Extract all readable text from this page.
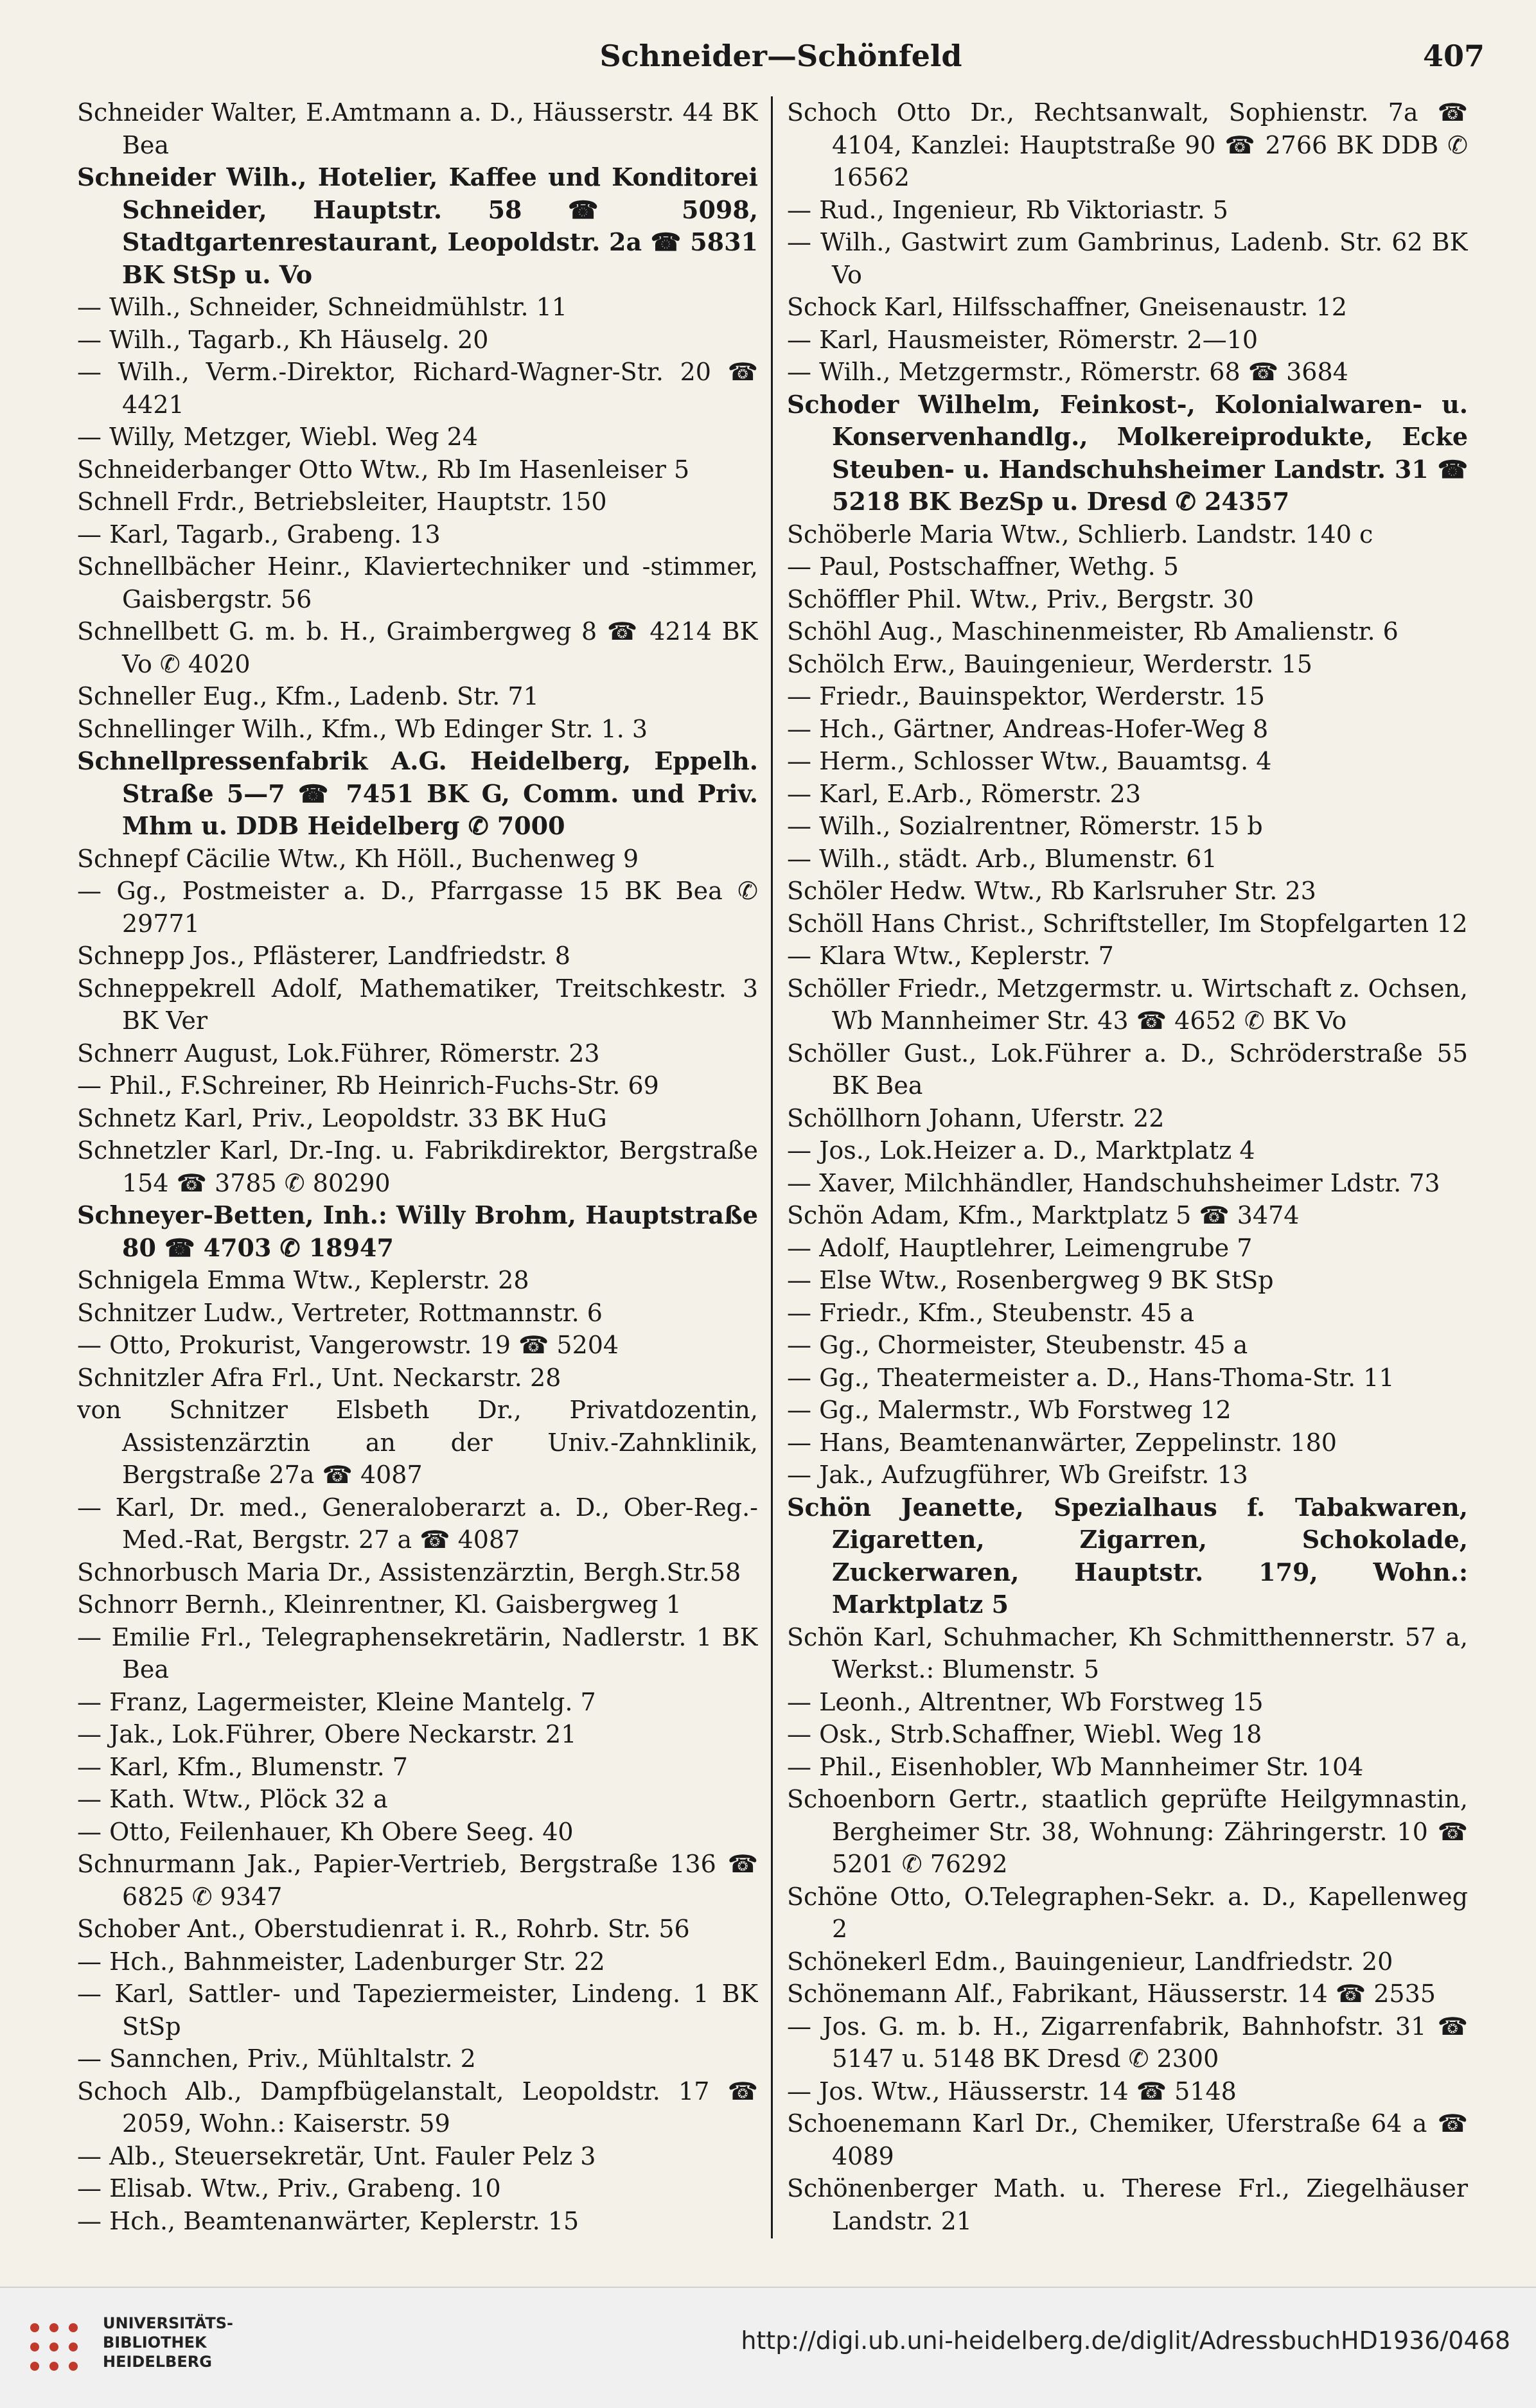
Schneider—Schönfeld	407

Schneider Walter, E.Amtmann a. D., Häusserstr. 44 BK Bea

Schneider Wilh., Hotelier, Kaffee und Konditorei Schneider, Hauptstr. 58 ☎ 5098, Stadtgartenrestaurant, Leopoldstr. 2a ☎ 5831 BK StSp u. Vo

— Wilh., Schneider, Schneidmühlstr. 11

— Wilh., Tagarb., Kh Häuselg. 20

— Wilh., Verm.-Direktor, Richard-Wagner-Str. 20 ☎ 4421

— Willy, Metzger, Wiebl. Weg 24

Schneiderbanger Otto Wtw., Rb Im Hasenleiser 5

Schnell Frdr., Betriebsleiter, Hauptstr. 150

— Karl, Tagarb., Grabeng. 13

Schnellbächer Heinr., Klaviertechniker und -stimmer, Gaisbergstr. 56

Schnellbett G. m. b. H., Graimbergweg 8 ☎ 4214 BK Vo ✆ 4020

Schneller Eug., Kfm., Ladenb. Str. 71

Schnellinger Wilh., Kfm., Wb Edinger Str. 1. 3

Schnellpressenfabrik A.G. Heidelberg, Eppelh. Straße 5—7 ☎ 7451 BK G, Comm. und Priv. Mhm u. DDB Heidelberg ✆ 7000

Schnepf Cäcilie Wtw., Kh Höll., Buchenweg 9

— Gg., Postmeister a. D., Pfarrgasse 15 BK Bea ✆ 29771

Schnepp Jos., Pflästerer, Landfriedstr. 8

Schneppekrell Adolf, Mathematiker, Treitschkestr. 3 BK Ver

Schnerr August, Lok.Führer, Römerstr. 23

— Phil., F.Schreiner, Rb Heinrich-Fuchs-Str. 69

Schnetz Karl, Priv., Leopoldstr. 33 BK HuG

Schnetzler Karl, Dr.-Ing. u. Fabrikdirektor, Bergstraße 154 ☎ 3785 ✆ 80290

Schneyer-Betten, Inh.: Willy Brohm, Hauptstraße 80 ☎ 4703 ✆ 18947

Schnigela Emma Wtw., Keplerstr. 28

Schnitzer Ludw., Vertreter, Rottmannstr. 6

— Otto, Prokurist, Vangerowstr. 19 ☎ 5204

Schnitzler Afra Frl., Unt. Neckarstr. 28

von Schnitzer Elsbeth Dr., Privatdozentin, Assistenzärztin an der Univ.-Zahnklinik, Bergstraße 27a ☎ 4087

— Karl, Dr. med., Generaloberarzt a. D., Ober-Reg.-Med.-Rat, Bergstr. 27 a ☎ 4087

Schnorbusch Maria Dr., Assistenzärztin, Bergh.Str.58

Schnorr Bernh., Kleinrentner, Kl. Gaisbergweg 1

— Emilie Frl., Telegraphensekretärin, Nadlerstr. 1 BK Bea

— Franz, Lagermeister, Kleine Mantelg. 7

— Jak., Lok.Führer, Obere Neckarstr. 21

— Karl, Kfm., Blumenstr. 7

— Kath. Wtw., Plöck 32 a

— Otto, Feilenhauer, Kh Obere Seeg. 40

Schnurmann Jak., Papier-Vertrieb, Bergstraße 136 ☎ 6825 ✆ 9347

Schober Ant., Oberstudienrat i. R., Rohrb. Str. 56

— Hch., Bahnmeister, Ladenburger Str. 22

— Karl, Sattler- und Tapeziermeister, Lindeng. 1 BK StSp

— Sannchen, Priv., Mühltalstr. 2

Schoch Alb., Dampfbügelanstalt, Leopoldstr. 17 ☎ 2059, Wohn.: Kaiserstr. 59

— Alb., Steuersekretär, Unt. Fauler Pelz 3

— Elisab. Wtw., Priv., Grabeng. 10

— Hch., Beamtenanwärter, Keplerstr. 15

Schoch Otto Dr., Rechtsanwalt, Sophienstr. 7a ☎ 4104, Kanzlei: Hauptstraße 90 ☎ 2766 BK DDB ✆ 16562

— Rud., Ingenieur, Rb Viktoriastr. 5

— Wilh., Gastwirt zum Gambrinus, Ladenb. Str. 62 BK Vo

Schock Karl, Hilfsschaffner, Gneisenaustr. 12

— Karl, Hausmeister, Römerstr. 2—10

— Wilh., Metzgermstr., Römerstr. 68 ☎ 3684

Schoder Wilhelm, Feinkost-, Kolonialwaren- u. Konservenhandlg., Molkereiprodukte, Ecke Steuben- u. Handschuhsheimer Landstr. 31 ☎ 5218 BK BezSp u. Dresd ✆ 24357

Schöberle Maria Wtw., Schlierb. Landstr. 140 c

— Paul, Postschaffner, Wethg. 5

Schöffler Phil. Wtw., Priv., Bergstr. 30

Schöhl Aug., Maschinenmeister, Rb Amalienstr. 6

Schölch Erw., Bauingenieur, Werderstr. 15

— Friedr., Bauinspektor, Werderstr. 15

— Hch., Gärtner, Andreas-Hofer-Weg 8

— Herm., Schlosser Wtw., Bauamtsg. 4

— Karl, E.Arb., Römerstr. 23

— Wilh., Sozialrentner, Römerstr. 15 b

— Wilh., städt. Arb., Blumenstr. 61

Schöler Hedw. Wtw., Rb Karlsruher Str. 23

Schöll Hans Christ., Schriftsteller, Im Stopfelgarten 12

— Klara Wtw., Keplerstr. 7

Schöller Friedr., Metzgermstr. u. Wirtschaft z. Ochsen, Wb Mannheimer Str. 43 ☎ 4652 ✆ BK Vo

Schöller Gust., Lok.Führer a. D., Schröderstraße 55 BK Bea

Schöllhorn Johann, Uferstr. 22

— Jos., Lok.Heizer a. D., Marktplatz 4

— Xaver, Milchhändler, Handschuhsheimer Ldstr. 73

Schön Adam, Kfm., Marktplatz 5 ☎ 3474

— Adolf, Hauptlehrer, Leimengrube 7

— Else Wtw., Rosenbergweg 9 BK StSp

— Friedr., Kfm., Steubenstr. 45 a

— Gg., Chormeister, Steubenstr. 45 a

— Gg., Theatermeister a. D., Hans-Thoma-Str. 11

— Gg., Malermstr., Wb Forstweg 12

— Hans, Beamtenanwärter, Zeppelinstr. 180

— Jak., Aufzugführer, Wb Greifstr. 13

Schön Jeanette, Spezialhaus f. Tabakwaren, Zigaretten, Zigarren, Schokolade, Zuckerwaren, Hauptstr. 179, Wohn.: Marktplatz 5

Schön Karl, Schuhmacher, Kh Schmitthennerstr. 57 a, Werkst.: Blumenstr. 5

— Leonh., Altrentner, Wb Forstweg 15

— Osk., Strb.Schaffner, Wiebl. Weg 18

— Phil., Eisenhobler, Wb Mannheimer Str. 104

Schoenborn Gertr., staatlich geprüfte Heilgymnastin, Bergheimer Str. 38, Wohnung: Zähringerstr. 10 ☎ 5201 ✆ 76292

Schöne Otto, O.Telegraphen-Sekr. a. D., Kapellenweg 2

Schönekerl Edm., Bauingenieur, Landfriedstr. 20

Schönemann Alf., Fabrikant, Häusserstr. 14 ☎ 2535

— Jos. G. m. b. H., Zigarrenfabrik, Bahnhofstr. 31 ☎ 5147 u. 5148 BK Dresd ✆ 2300

— Jos. Wtw., Häusserstr. 14 ☎ 5148

Schoenemann Karl Dr., Chemiker, Uferstraße 64 a ☎ 4089

Schönenberger Math. u. Therese Frl., Ziegelhäuser Landstr. 21

UNIVERSITÄTS-
BIBLIOTHEK
HEIDELBERG
http://digi.ub.uni-heidelberg.de/diglit/AdressbuchHD1936/0468
